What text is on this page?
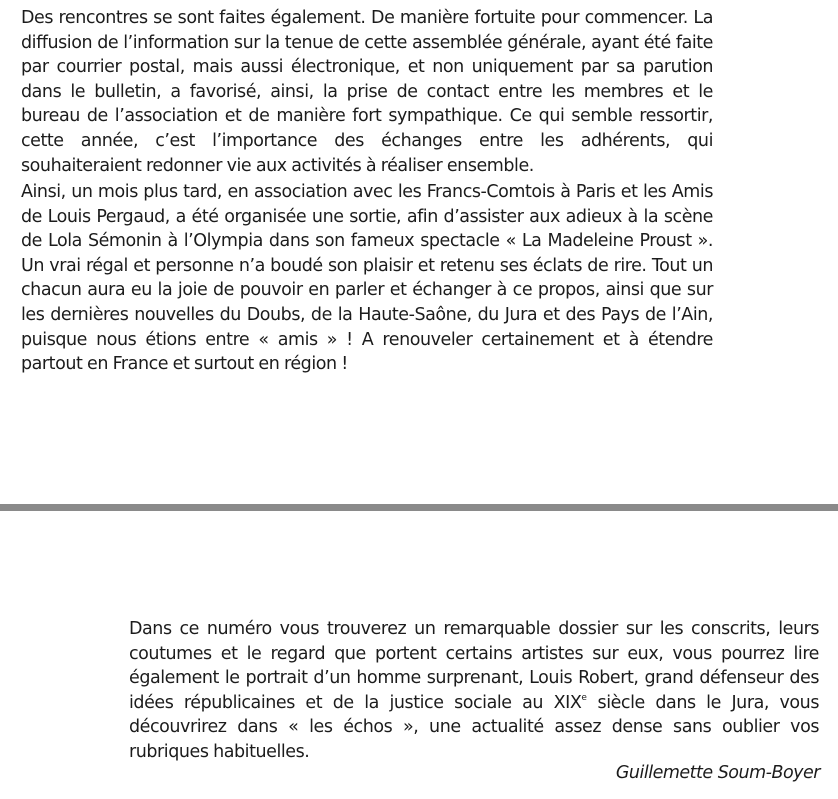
Des rencontres se sont faites également. De manière fortuite pour commencer. La diffusion de l’information sur la tenue de cette assemblée générale, ayant été faite par courrier postal, mais aussi électronique, et non uniquement par sa parution dans le bulletin, a favorisé, ainsi, la prise de contact entre les membres et le bureau de l’association et de manière fort sympathique. Ce qui semble ressortir, cette année, c’est l’importance des échanges entre les adhérents, qui souhaiteraient redonner vie aux activités à réaliser ensemble.

Ainsi, un mois plus tard, en association avec les Francs-Comtois à Paris et les Amis de Louis Pergaud, a été organisée une sortie, afin d’assister aux adieux à la scène de Lola Sémonin à l’Olympia dans son fameux spectacle « La Madeleine Proust ». Un vrai régal et personne n’a boudé son plaisir et retenu ses éclats de rire. Tout un chacun aura eu la joie de pouvoir en parler et échanger à ce propos, ainsi que sur les dernières nouvelles du Doubs, de la Haute-Saône, du Jura et des Pays de l’Ain, puisque nous étions entre « amis » ! A renouveler certainement et à étendre partout en France et surtout en région !

Dans ce numéro vous trouverez un remarquable dossier sur les conscrits, leurs coutumes et le regard que portent certains artistes sur eux, vous pourrez lire également le portrait d’un homme surprenant, Louis Robert, grand défenseur des idées républicaines et de la justice sociale au XIXe siècle dans le Jura, vous découvrirez dans « les échos », une actualité assez dense sans oublier vos rubriques habituelles.

Guillemette Soum-Boyer
